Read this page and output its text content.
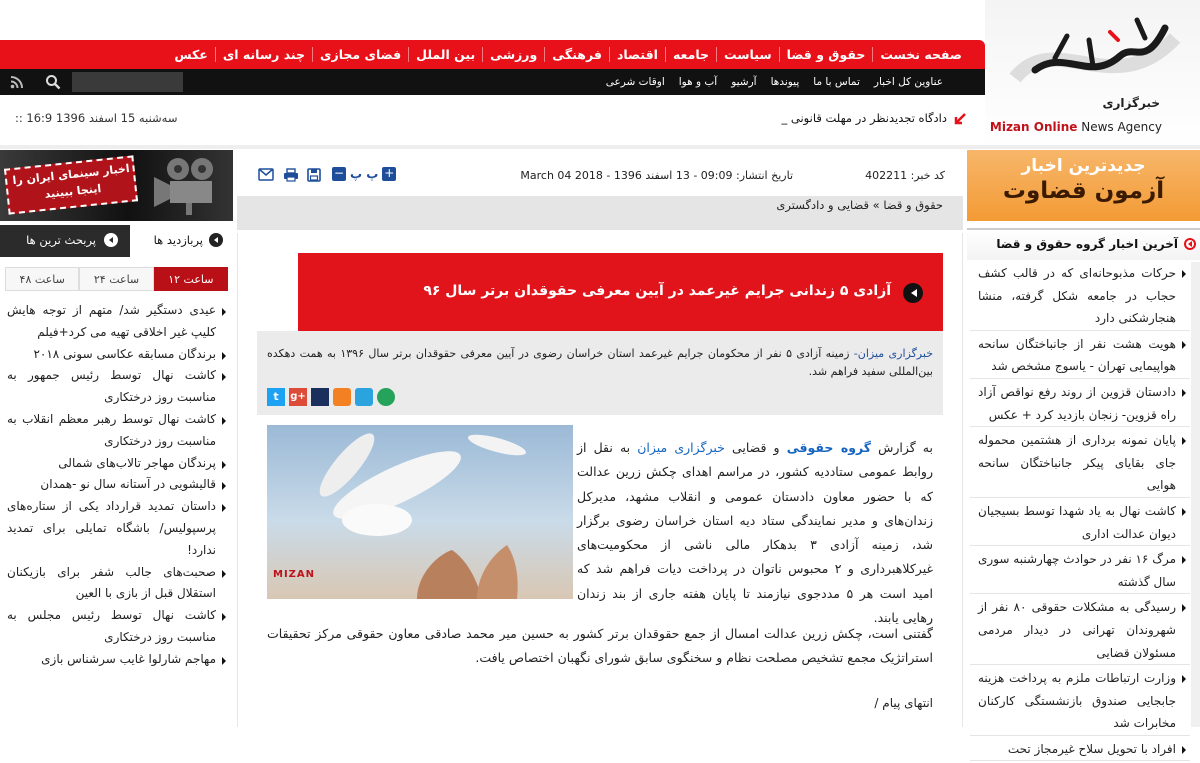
صفحه نخست
حقوق و قضا
سیاست
جامعه
اقتصاد
فرهنگی
ورزشی
بین الملل
فضای مجازی
چند رسانه ای
عکس
عناوین کل اخبار
تماس با ما
پیوندها
آرشیو
آب و هوا
اوقات شرعی
خبرگزاری
Mizan Online News Agency
دادگاه تجدیدنظر در مهلت قانونی _
:: سه‌شنبه 15 اسفند 1396 16:9
اخبار سینمای ایران را
اینجا ببینید
پربحث ترین ها	پربازدید ها
۱۲ ساعت
۲۴ ساعت
۴۸ ساعت
عیدی دستگیر شد/ متهم از توجه هایش کلیپ غیر اخلاقی تهیه می کرد+فیلم
برندگان مسابقه عکاسی سونی ۲۰۱۸
کاشت نهال توسط رئیس جمهور به مناسبت روز درختکاری
کاشت نهال توسط رهبر معظم انقلاب به مناسبت روز درختکاری
پرندگان مهاجر تالاب‌های شمالی
قالیشویی در آستانه سال نو -همدان
داستان تمدید قرارداد یکی از ستاره‌های پرسپولیس/ باشگاه تمایلی برای تمدید ندارد!
صحبت‌های جالب شفر برای بازیکنان استقلال قبل از بازی با العین
کاشت نهال توسط رئیس مجلس به مناسبت روز درختکاری
مهاجم شارلوا غایب سرشناس بازی
کد خبر: 402211
تاریخ انتشار: 09:09 - 13 اسفند 1396 - 2018 March 04
− پ پ +
حقوق و قضا » قضایی و دادگستری
آزادی ۵ زندانی جرایم غیرعمد در آیین معرفی حقوقدان برتر سال ۹۶

خبرگزاری میزان- زمینه آزادی ۵ نفر از محکومان جرایم غیرعمد استان خراسان رضوی در آیین معرفی حقوقدان برتر سال ۱۳۹۶ به همت دهکده بین‌المللی سفید فراهم شد.

t	g+
MIZAN

به گزارش گروه حقوقی و قضایی خبرگزاری میزان به نقل از روابط عمومی ستاددیه کشور، در مراسم اهدای چکش زرین عدالت که با حضور معاون دادستان عمومی و انقلاب مشهد، مدیرکل زندان‌های و مدیر نمایندگی ستاد دیه استان خراسان رضوی برگزار شد، زمینه آزادی ۳ بدهکار مالی ناشی از محکومیت‌های غیرکلاهبرداری و ۲ محبوس ناتوان در پرداخت دیات فراهم شد که امید است هر ۵ مددجوی نیازمند تا پایان هفته جاری از بند زندان رهایی یابند.

گفتنی است، چکش زرین عدالت امسال از جمع حقوقدان برتر کشور به حسین میر محمد صادقی معاون حقوقی مرکز تحقیقات استراتژیک مجمع تشخیص مصلحت نظام و سخنگوی سابق شورای نگهبان اختصاص یافت.

انتهای پیام /
جدیدترین اخبار
آزمون قضاوت
آخرین اخبار گروه حقوق و قضا
حرکات مذبوحانه‌ای که در قالب کشف حجاب در جامعه شکل گرفته، منشا هنجارشکنی دارد
هویت هشت نفر از جانباختگان سانحه هواپیمایی تهران - یاسوج مشخص شد
دادستان قزوین از روند رفع نواقص آزاد راه قزوین- زنجان بازدید کرد + عکس
پایان نمونه برداری از هشتمین محموله جای بقایای پیکر جانباختگان سانحه هوایی
کاشت نهال به یاد شهدا توسط بسیجیان دیوان عدالت اداری
مرگ ۱۶ نفر در حوادث چهارشنبه سوری سال گذشته
رسیدگی به مشکلات حقوقی ۸۰ نفر از شهروندان تهرانی در دیدار مردمی مسئولان قضایی
وزارت ارتباطات ملزم به پرداخت هزینه جابجایی صندوق بازنشستگی کارکنان مخابرات شد
افراد با تحویل سلاح غیرمجاز تحت
